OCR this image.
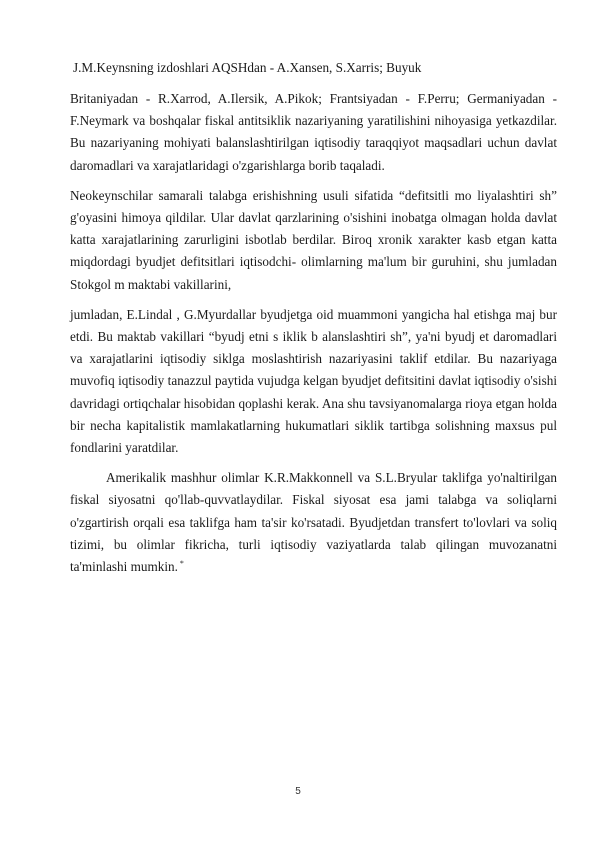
J.M.Keynsning izdoshlari AQSHdan - A.Xansen, S.Xarris; Buyuk

Britaniyadan - R.Xarrod, A.Ilersik, A.Pikok; Frantsiyadan - F.Perru; Germaniyadan - F.Neymark va boshqalar fiskal antitsiklik nazariyaning yaratilishini nihoyasiga yetkazdilar. Bu nazariyaning mohiyati balanslashtirilgan iqtisodiy taraqqiyot maqsadlari uchun davlat daromadlari va xarajatlaridagi o'zgarishlarga borib taqaladi.

Neokeynschilar samarali talabga erishishning usuli sifatida “defitsitli mo liyalashtiri sh” g'oyasini himoya qildilar. Ular davlat qarzlarining o'sishini inobatga olmagan holda davlat katta xarajatlarining zarurligini isbotlab berdilar. Biroq xronik xarakter kasb etgan katta miqdordagi byudjet defitsitlari iqtisodchi- olimlarning ma'lum bir guruhini, shu jumladan Stokgol m maktabi vakillarini,

jumladan, E.Lindal , G.Myurdallar byudjetga oid muammoni yangicha hal etishga maj bur etdi. Bu maktab vakillari “byudj etni s iklik b alanslashtiri sh”, ya'ni byudj et daromadlari va xarajatlarini iqtisodiy siklga moslashtirish nazariyasini taklif etdilar. Bu nazariyaga muvofiq iqtisodiy tanazzul paytida vujudga kelgan byudjet defitsitini davlat iqtisodiy o'sishi davridagi ortiqchalar hisobidan qoplashi kerak. Ana shu tavsiyanomalarga rioya etgan holda bir necha kapitalistik mamlakatlarning hukumatlari siklik tartibga solishning maxsus pul fondlarini yaratdilar.

Amerikalik mashhur olimlar K.R.Makkonnell va S.L.Bryular taklifga yo'naltirilgan fiskal siyosatni qo'llab-quvvatlaydilar. Fiskal siyosat esa jami talabga va soliqlarni o'zgartirish orqali esa taklifga ham ta'sir ko'rsatadi. Byudjetdan transfert to'lovlari va soliq tizimi, bu olimlar fikricha, turli iqtisodiy vaziyatlarda talab qilingan muvozanatni ta'minlashi mumkin. *

5
